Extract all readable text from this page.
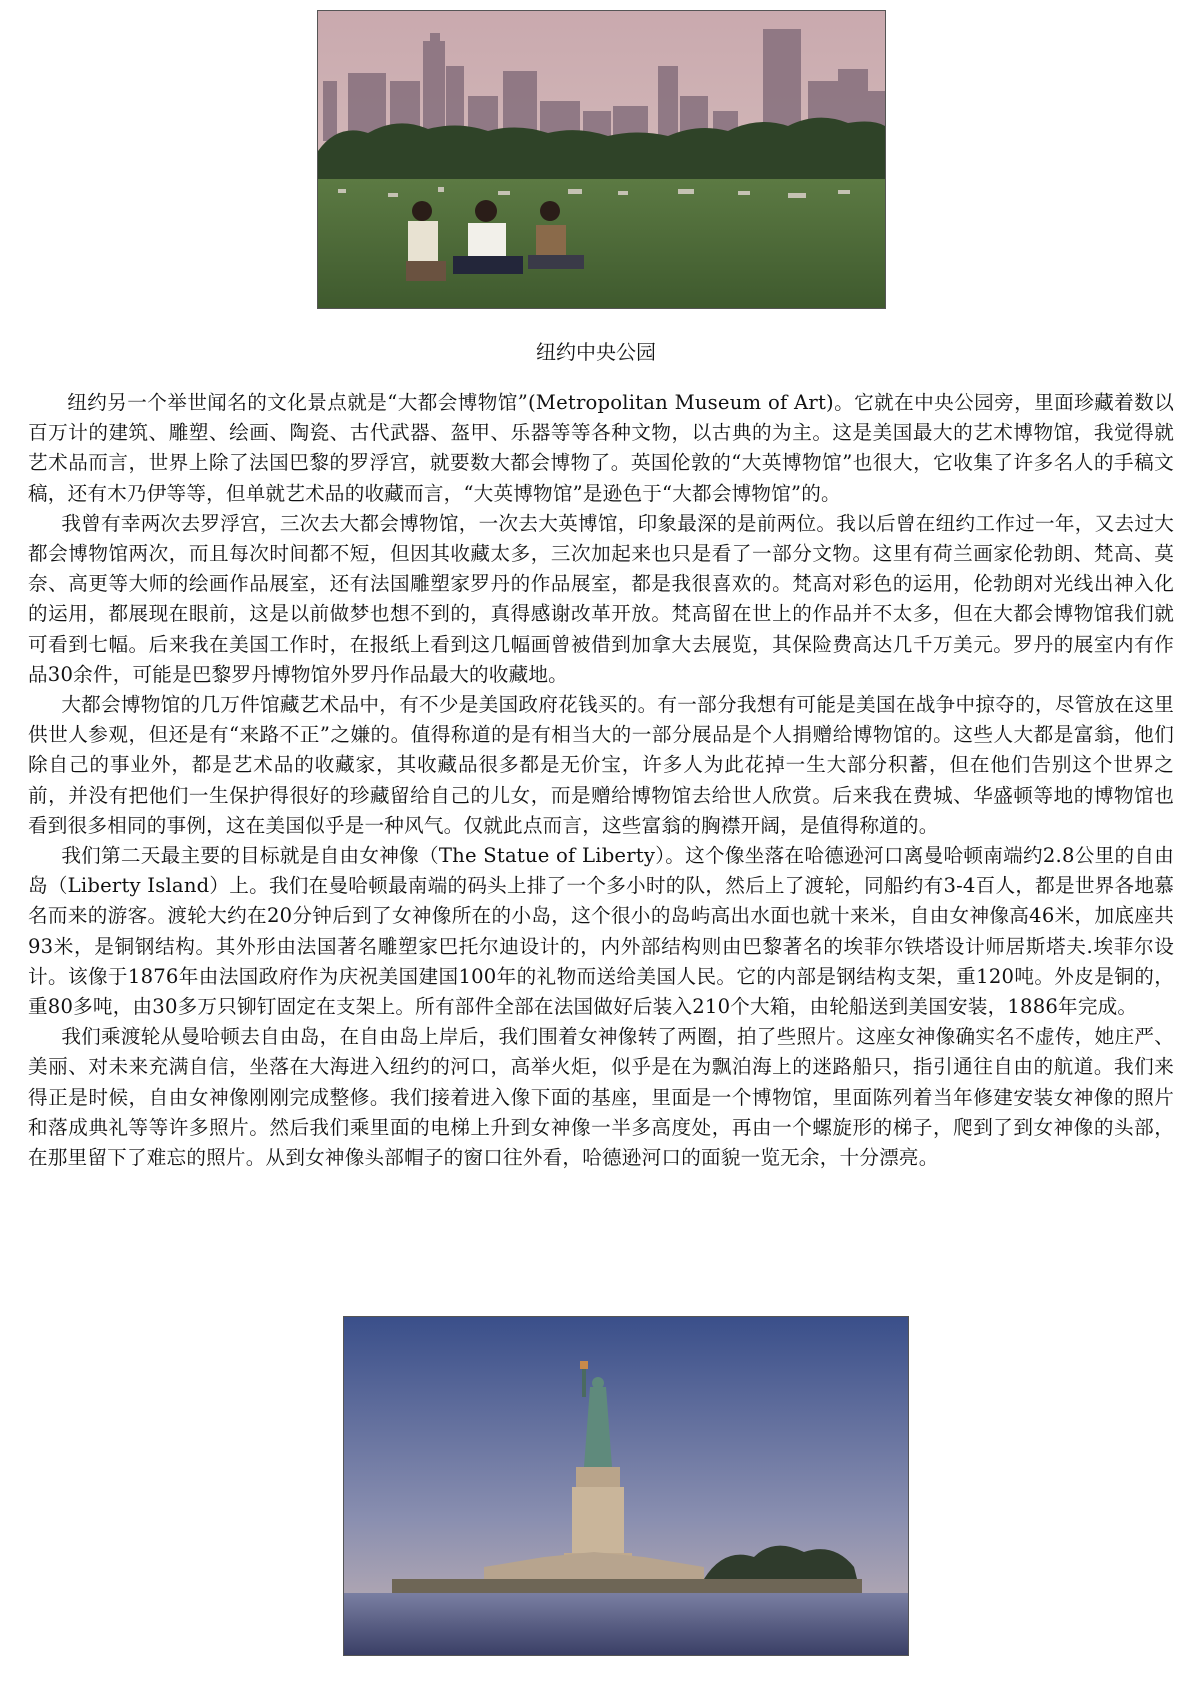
纽约中央公园

纽约另一个举世闻名的文化景点就是“大都会博物馆”(Metropolitan Museum of Art)。它就在中央公园旁，里面珍藏着数以百万计的建筑、雕塑、绘画、陶瓷、古代武器、盔甲、乐器等等各种文物，以古典的为主。这是美国最大的艺术博物馆，我觉得就艺术品而言，世界上除了法国巴黎的罗浮宫，就要数大都会博物了。英国伦敦的“大英博物馆”也很大，它收集了许多名人的手稿文稿，还有木乃伊等等，但单就艺术品的收藏而言，“大英博物馆”是逊色于“大都会博物馆”的。

我曾有幸两次去罗浮宫，三次去大都会博物馆，一次去大英博馆，印象最深的是前两位。我以后曾在纽约工作过一年，又去过大都会博物馆两次，而且每次时间都不短，但因其收藏太多，三次加起来也只是看了一部分文物。这里有荷兰画家伦勃朗、梵高、莫奈、高更等大师的绘画作品展室，还有法国雕塑家罗丹的作品展室，都是我很喜欢的。梵高对彩色的运用，伦勃朗对光线出神入化的运用，都展现在眼前，这是以前做梦也想不到的，真得感谢改革开放。梵高留在世上的作品并不太多，但在大都会博物馆我们就可看到七幅。后来我在美国工作时，在报纸上看到这几幅画曾被借到加拿大去展览，其保险费高达几千万美元。罗丹的展室内有作品30余件，可能是巴黎罗丹博物馆外罗丹作品最大的收藏地。

大都会博物馆的几万件馆藏艺术品中，有不少是美国政府花钱买的。有一部分我想有可能是美国在战争中掠夺的，尽管放在这里供世人参观，但还是有“来路不正”之嫌的。值得称道的是有相当大的一部分展品是个人捐赠给博物馆的。这些人大都是富翁，他们除自己的事业外，都是艺术品的收藏家，其收藏品很多都是无价宝，许多人为此花掉一生大部分积蓄，但在他们告别这个世界之前，并没有把他们一生保护得很好的珍藏留给自己的儿女，而是赠给博物馆去给世人欣赏。后来我在费城、华盛顿等地的博物馆也看到很多相同的事例，这在美国似乎是一种风气。仅就此点而言，这些富翁的胸襟开阔，是值得称道的。

我们第二天最主要的目标就是自由女神像（The Statue of Liberty）。这个像坐落在哈德逊河口离曼哈顿南端约2.8公里的自由岛（Liberty Island）上。我们在曼哈顿最南端的码头上排了一个多小时的队，然后上了渡轮，同船约有3-4百人，都是世界各地慕名而来的游客。渡轮大约在20分钟后到了女神像所在的小岛，这个很小的岛屿高出水面也就十来米，自由女神像高46米，加底座共93米，是铜钢结构。其外形由法国著名雕塑家巴托尔迪设计的，内外部结构则由巴黎著名的埃菲尔铁塔设计师居斯塔夫.埃菲尔设计。该像于1876年由法国政府作为庆祝美国建国100年的礼物而送给美国人民。它的内部是钢结构支架，重120吨。外皮是铜的，重80多吨，由30多万只铆钉固定在支架上。所有部件全部在法国做好后装入210个大箱，由轮船送到美国安装，1886年完成。

我们乘渡轮从曼哈顿去自由岛，在自由岛上岸后，我们围着女神像转了两圈，拍了些照片。这座女神像确实名不虚传，她庄严、美丽、对未来充满自信，坐落在大海进入纽约的河口，高举火炬，似乎是在为飘泊海上的迷路船只，指引通往自由的航道。我们来得正是时候，自由女神像刚刚完成整修。我们接着进入像下面的基座，里面是一个博物馆，里面陈列着当年修建安装女神像的照片和落成典礼等等许多照片。然后我们乘里面的电梯上升到女神像一半多高度处，再由一个螺旋形的梯子，爬到了到女神像的头部，在那里留下了难忘的照片。从到女神像头部帽子的窗口往外看，哈德逊河口的面貌一览无余，十分漂亮。
